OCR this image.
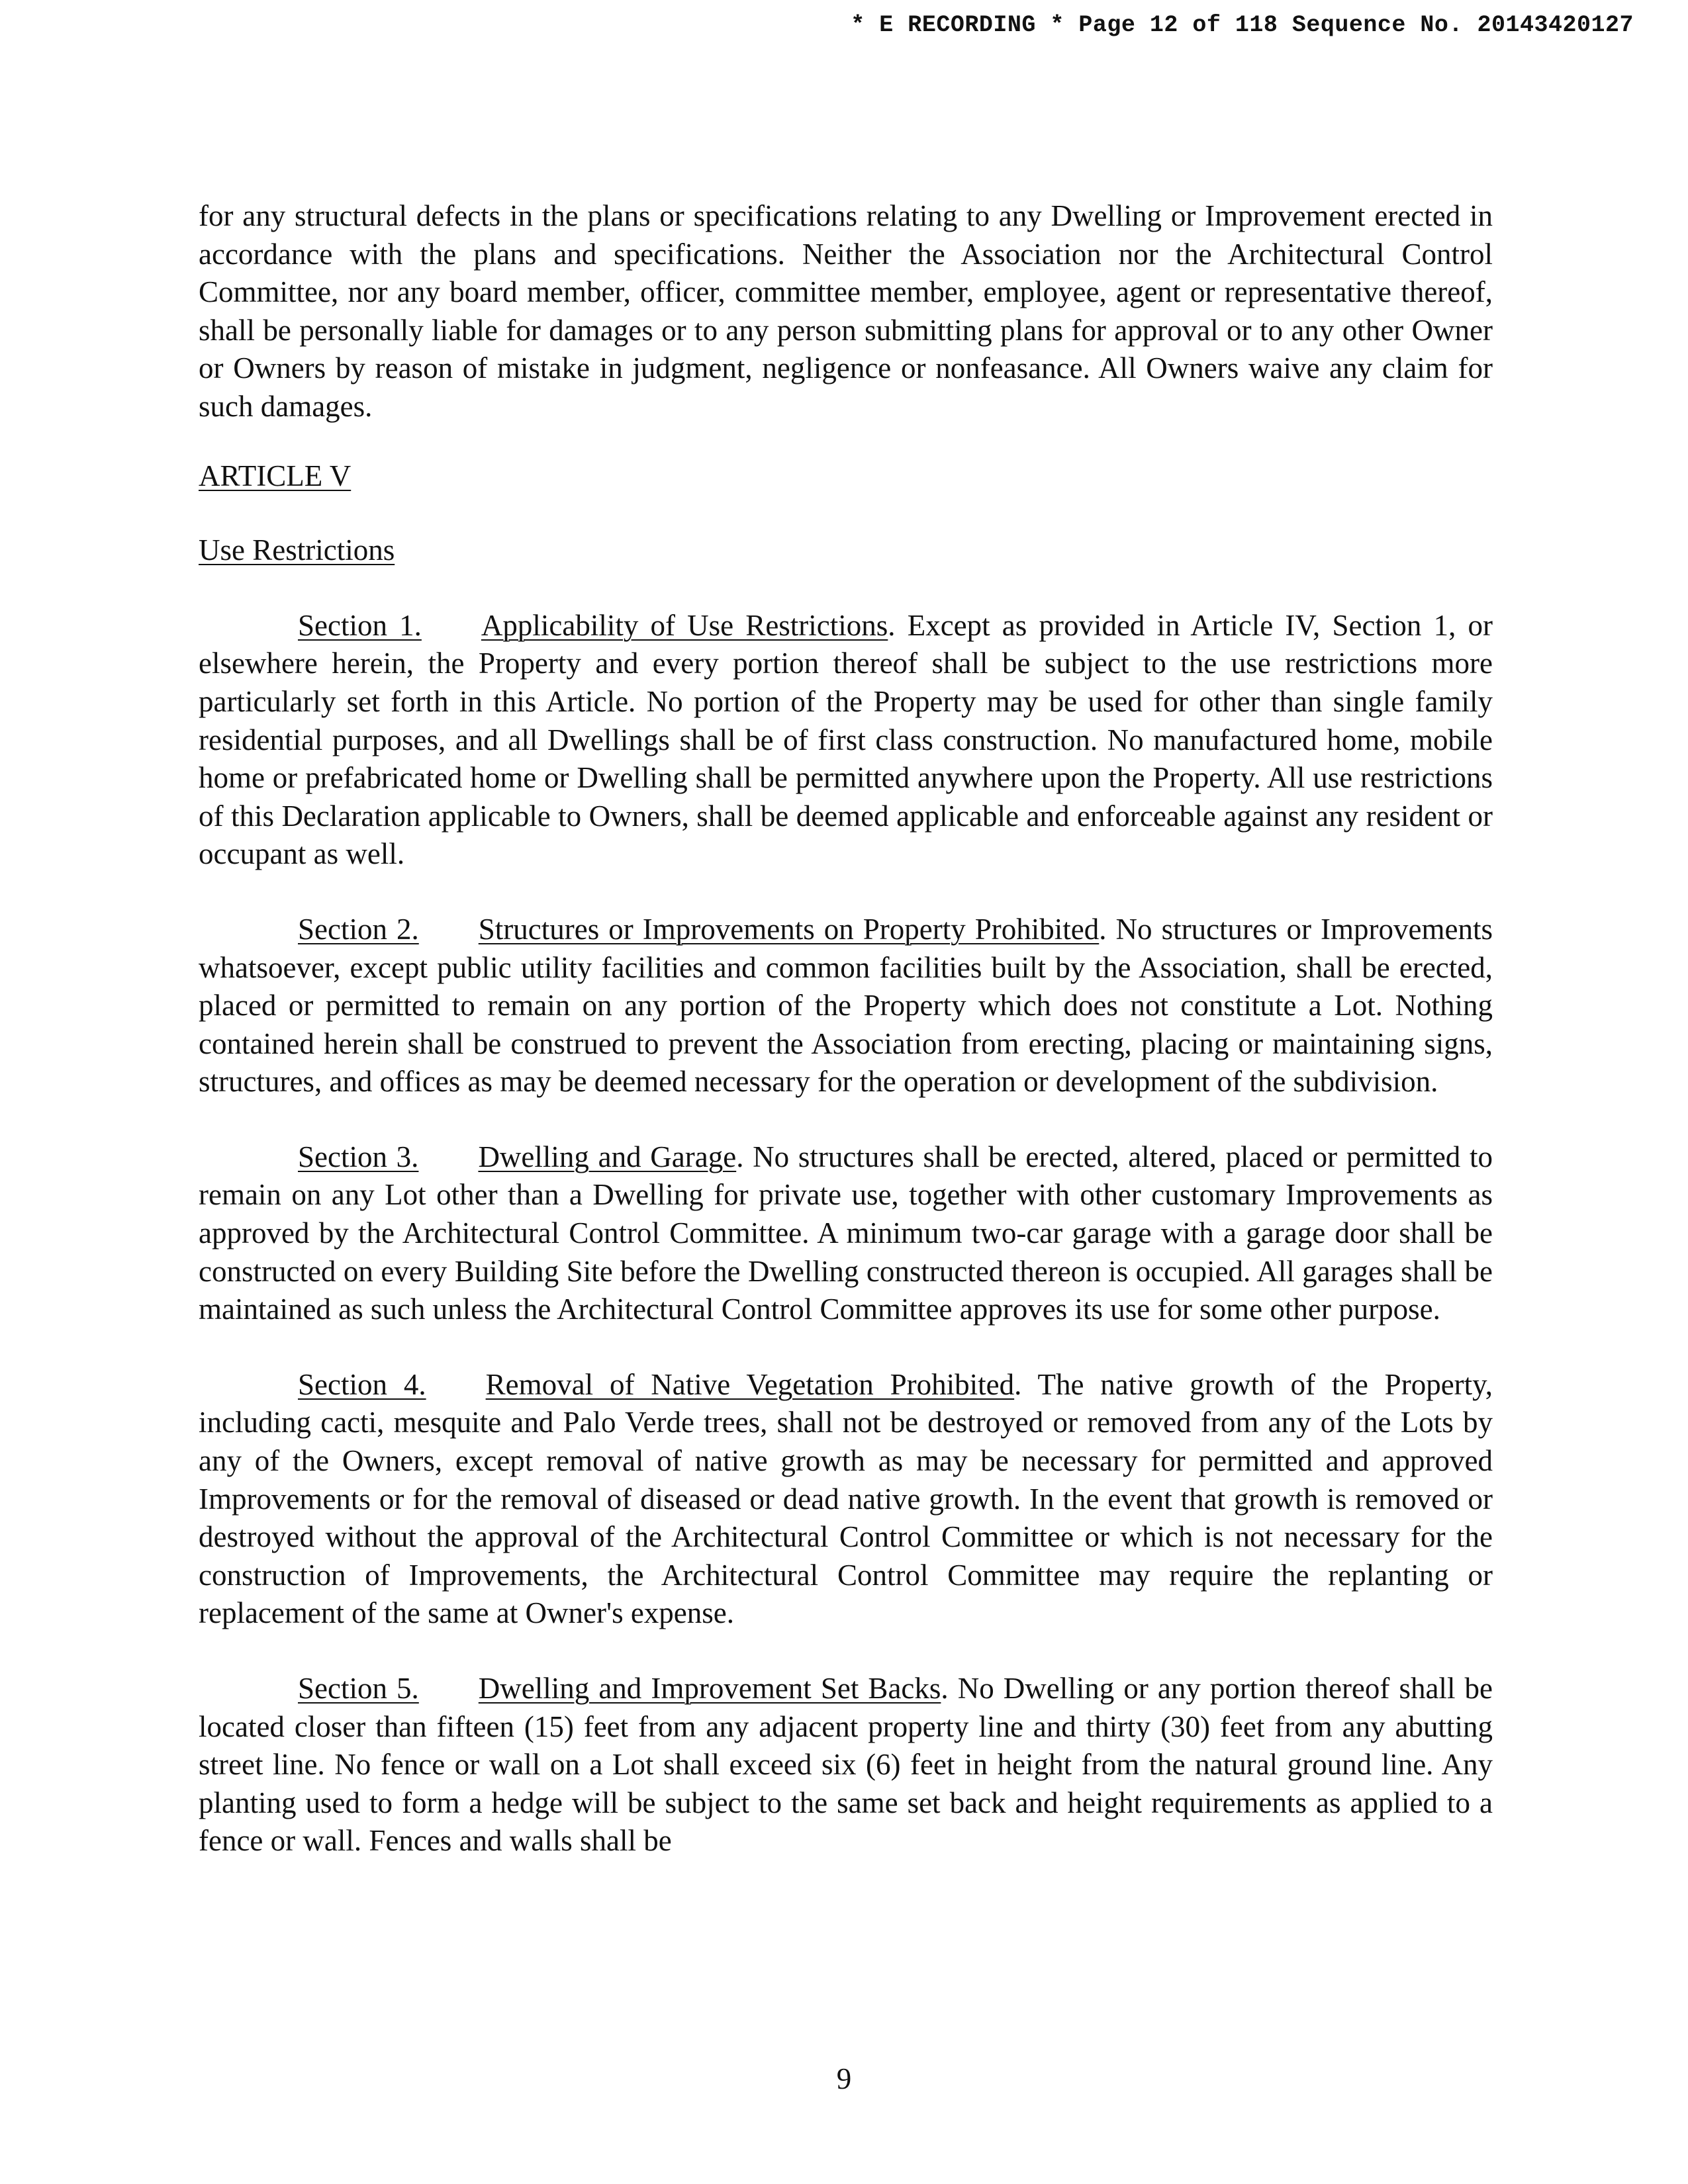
* E RECORDING * Page 12 of 118 Sequence No. 20143420127

for any structural defects in the plans or specifications relating to any Dwelling or Improvement erected in accordance with the plans and specifications. Neither the Association nor the Architectural Control Committee, nor any board member, officer, committee member, employee, agent or representative thereof, shall be personally liable for damages or to any person submitting plans for approval or to any other Owner or Owners by reason of mistake in judgment, negligence or nonfeasance. All Owners waive any claim for such damages.

ARTICLE V

Use Restrictions

Section 1. Applicability of Use Restrictions. Except as provided in Article IV, Section 1, or elsewhere herein, the Property and every portion thereof shall be subject to the use restrictions more particularly set forth in this Article. No portion of the Property may be used for other than single family residential purposes, and all Dwellings shall be of first class construction. No manufactured home, mobile home or prefabricated home or Dwelling shall be permitted anywhere upon the Property. All use restrictions of this Declaration applicable to Owners, shall be deemed applicable and enforceable against any resident or occupant as well.

Section 2. Structures or Improvements on Property Prohibited. No structures or Improvements whatsoever, except public utility facilities and common facilities built by the Association, shall be erected, placed or permitted to remain on any portion of the Property which does not constitute a Lot. Nothing contained herein shall be construed to prevent the Association from erecting, placing or maintaining signs, structures, and offices as may be deemed necessary for the operation or development of the subdivision.

Section 3. Dwelling and Garage. No structures shall be erected, altered, placed or permitted to remain on any Lot other than a Dwelling for private use, together with other customary Improvements as approved by the Architectural Control Committee. A minimum two-car garage with a garage door shall be constructed on every Building Site before the Dwelling constructed thereon is occupied. All garages shall be maintained as such unless the Architectural Control Committee approves its use for some other purpose.

Section 4. Removal of Native Vegetation Prohibited. The native growth of the Property, including cacti, mesquite and Palo Verde trees, shall not be destroyed or removed from any of the Lots by any of the Owners, except removal of native growth as may be necessary for permitted and approved Improvements or for the removal of diseased or dead native growth. In the event that growth is removed or destroyed without the approval of the Architectural Control Committee or which is not necessary for the construction of Improvements, the Architectural Control Committee may require the replanting or replacement of the same at Owner's expense.

Section 5. Dwelling and Improvement Set Backs. No Dwelling or any portion thereof shall be located closer than fifteen (15) feet from any adjacent property line and thirty (30) feet from any abutting street line. No fence or wall on a Lot shall exceed six (6) feet in height from the natural ground line. Any planting used to form a hedge will be subject to the same set back and height requirements as applied to a fence or wall. Fences and walls shall be

9
